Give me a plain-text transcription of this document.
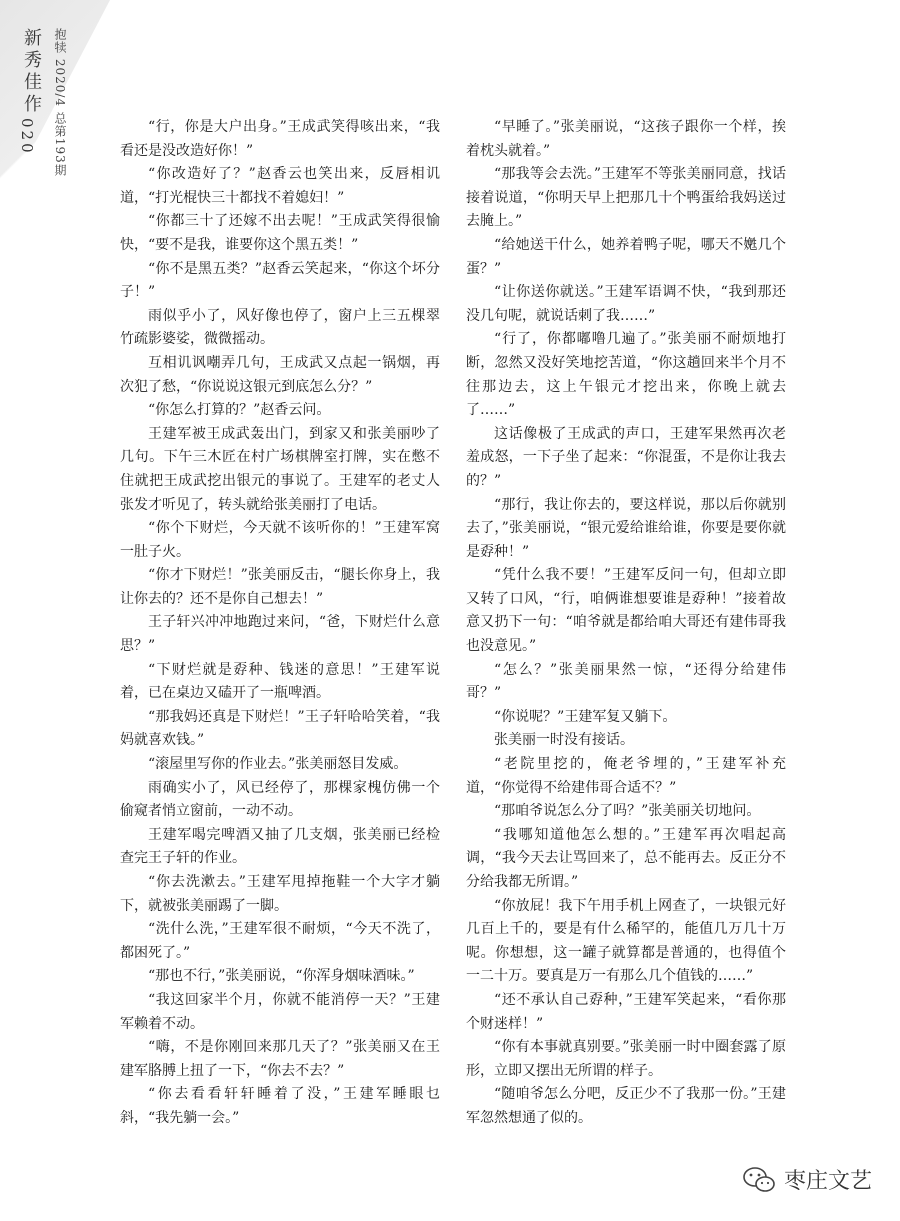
新秀佳作
020 抱犊 2020/4 总第193期	“行，你是大户出身。”王成武笑得咳出来，“我看还是没改造好你！”

“你改造好了？”赵香云也笑出来，反唇相讥道，“打光棍快三十都找不着媳妇！”

“你都三十了还嫁不出去呢！”王成武笑得很愉快，“要不是我，谁要你这个黑五类！”

“你不是黑五类？”赵香云笑起来，“你这个坏分子！”

雨似乎小了，风好像也停了，窗户上三五棵翠竹疏影婆娑，微微摇动。

互相讥讽嘲弄几句，王成武又点起一锅烟，再次犯了愁，“你说说这银元到底怎么分？”

“你怎么打算的？”赵香云问。

王建军被王成武轰出门，到家又和张美丽吵了几句。下午三木匠在村广场棋牌室打牌，实在憋不住就把王成武挖出银元的事说了。王建军的老丈人张发才听见了，转头就给张美丽打了电话。

“你个下财烂，今天就不该听你的！”王建军窝一肚子火。

“你才下财烂！”张美丽反击，“腿长你身上，我让你去的？还不是你自己想去！”

王子轩兴冲冲地跑过来问，“爸，下财烂什么意思？”

“下财烂就是孬种、钱迷的意思！”王建军说着，已在桌边又磕开了一瓶啤酒。

“那我妈还真是下财烂！”王子轩哈哈笑着，“我妈就喜欢钱。”

“滚屋里写你的作业去。”张美丽怒目发威。

雨确实小了，风已经停了，那棵家槐仿佛一个偷窥者悄立窗前，一动不动。

王建军喝完啤酒又抽了几支烟，张美丽已经检查完王子轩的作业。

“你去洗漱去。”王建军甩掉拖鞋一个大字才躺下，就被张美丽踢了一脚。

“洗什么洗，”王建军很不耐烦，“今天不洗了，都困死了。”

“那也不行，”张美丽说，“你浑身烟味酒味。”

“我这回家半个月，你就不能消停一天？”王建军赖着不动。

“嗨，不是你刚回来那几天了？”张美丽又在王建军胳膊上扭了一下，“你去不去？”

“你去看看轩轩睡着了没，”王建军睡眼乜斜，“我先躺一会。”

“早睡了。”张美丽说，“这孩子跟你一个样，挨着枕头就着。”

“那我等会去洗。”王建军不等张美丽同意，找话接着说道，“你明天早上把那几十个鸭蛋给我妈送过去腌上。”

“给她送干什么，她养着鸭子呢，哪天不嬎几个蛋？”

“让你送你就送。”王建军语调不快，“我到那还没几句呢，就说话刺了我……”

“行了，你都嘟噜几遍了。”张美丽不耐烦地打断，忽然又没好笑地挖苦道，“你这趟回来半个月不往那边去，这上午银元才挖出来，你晚上就去了……”

这话像极了王成武的声口，王建军果然再次老羞成怒，一下子坐了起来：“你混蛋，不是你让我去的？”

“那行，我让你去的，要这样说，那以后你就别去了，”张美丽说，“银元爱给谁给谁，你要是要你就是孬种！”

“凭什么我不要！”王建军反问一句，但却立即又转了口风，“行，咱俩谁想要谁是孬种！”接着故意又扔下一句：“咱爷就是都给咱大哥还有建伟哥我也没意见。”

“怎么？”张美丽果然一惊，“还得分给建伟哥？”

“你说呢？”王建军复又躺下。

张美丽一时没有接话。

“老院里挖的，俺老爷埋的，”王建军补充道，“你觉得不给建伟哥合适不？”

“那咱爷说怎么分了吗？”张美丽关切地问。

“我哪知道他怎么想的。”王建军再次唱起高调，“我今天去让骂回来了，总不能再去。反正分不分给我都无所谓。”

“你放屁！我下午用手机上网查了，一块银元好几百上千的，要是有什么稀罕的，能值几万几十万呢。你想想，这一罐子就算都是普通的，也得值个一二十万。要真是万一有那么几个值钱的……”

“还不承认自己孬种，”王建军笑起来，“看你那个财迷样！”

“你有本事就真别要。”张美丽一时中圈套露了原形，立即又摆出无所谓的样子。

“随咱爷怎么分吧，反正少不了我那一份。”王建军忽然想通了似的。

枣庄文艺
